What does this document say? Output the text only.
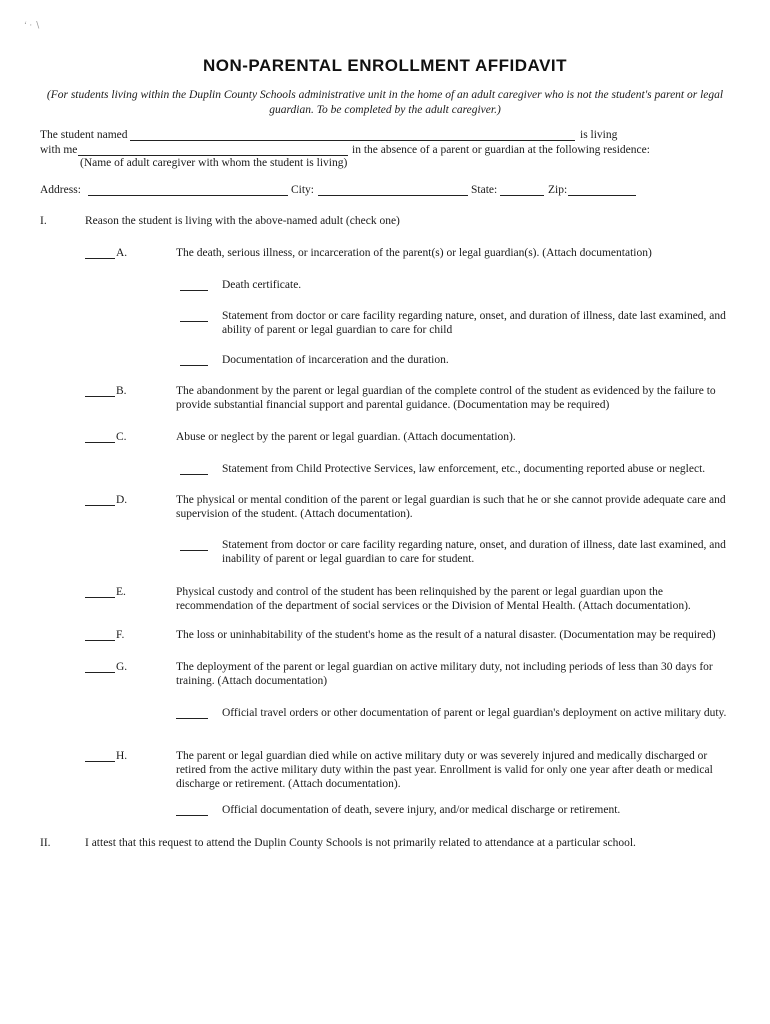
‘ · ∖
NON-PARENTAL ENROLLMENT AFFIDAVIT
(For students living within the Duplin County Schools administrative unit in the home of an adult caregiver who is not the student's parent or legal guardian. To be completed by the adult caregiver.)
The student named	is living
with me	in the absence of a parent or guardian at the following residence:
(Name of adult caregiver with whom the student is living)
Address:	City:	State:	Zip:
I.	Reason the student is living with the above-named adult (check one)
A.	The death, serious illness, or incarceration of the parent(s) or legal guardian(s). (Attach documentation)
Death certificate.
Statement from doctor or care facility regarding nature, onset, and duration of illness, date last examined, and ability of parent or legal guardian to care for child
Documentation of incarceration and the duration.
B.	The abandonment by the parent or legal guardian of the complete control of the student as evidenced by the failure to provide substantial financial support and parental guidance. (Documentation may be required)
C.	Abuse or neglect by the parent or legal guardian. (Attach documentation).
Statement from Child Protective Services, law enforcement, etc., documenting reported abuse or neglect.
D.	The physical or mental condition of the parent or legal guardian is such that he or she cannot provide adequate care and supervision of the student. (Attach documentation).
Statement from doctor or care facility regarding nature, onset, and duration of illness, date last examined, and inability of parent or legal guardian to care for student.
E.	Physical custody and control of the student has been relinquished by the parent or legal guardian upon the recommendation of the department of social services or the Division of Mental Health. (Attach documentation).
F.	The loss or uninhabitability of the student's home as the result of a natural disaster. (Documentation may be required)
G.	The deployment of the parent or legal guardian on active military duty, not including periods of less than 30 days for training. (Attach documentation)
Official travel orders or other documentation of parent or legal guardian's deployment on active military duty.
H.	The parent or legal guardian died while on active military duty or was severely injured and medically discharged or retired from the active military duty within the past year. Enrollment is valid for only one year after death or medical discharge or retirement. (Attach documentation).
Official documentation of death, severe injury, and/or medical discharge or retirement.
II.	I attest that this request to attend the Duplin County Schools is not primarily related to attendance at a particular school.
